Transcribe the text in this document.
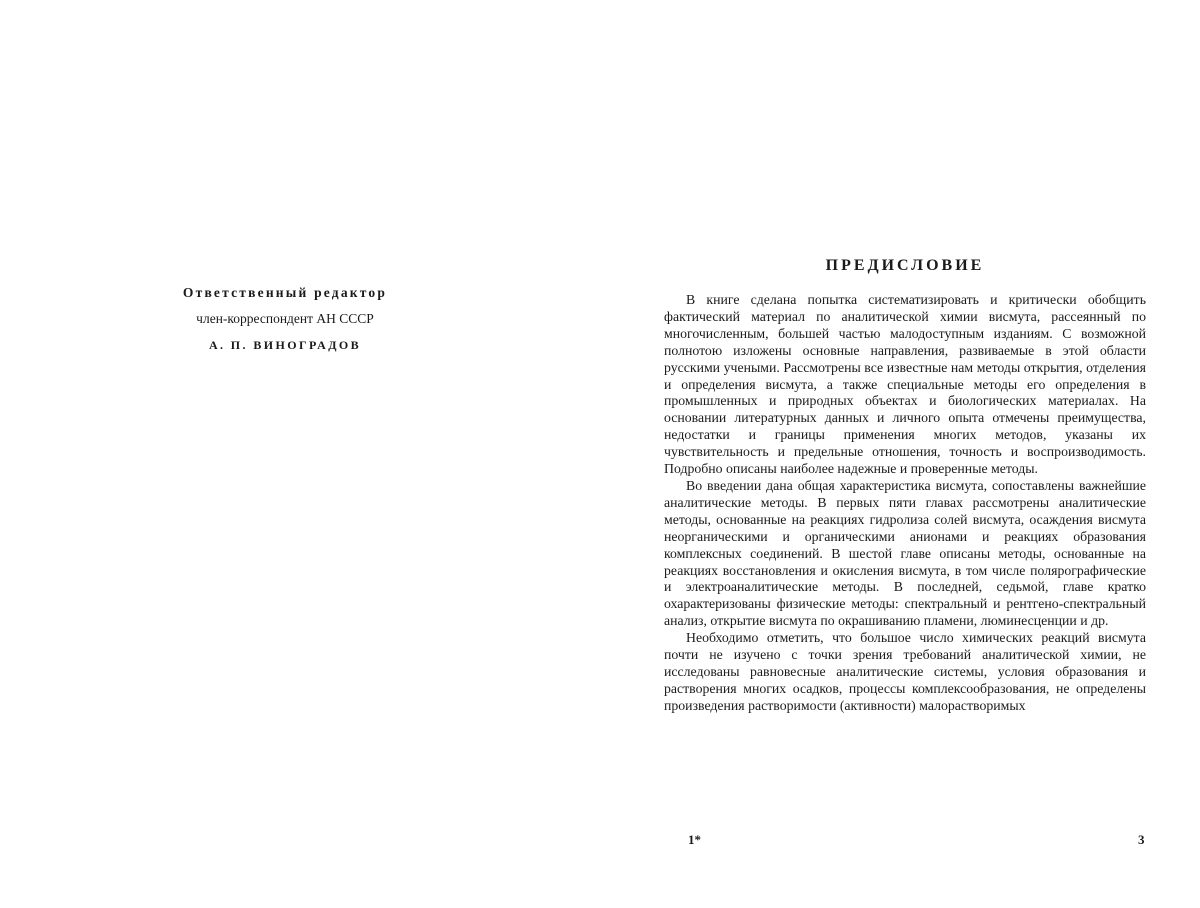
Ответственный редактор

член-корреспондент АН СССР

А. П. ВИНОГРАДОВ

ПРЕДИСЛОВИЕ

В книге сделана попытка систематизировать и критически обобщить фактический материал по аналитической химии висмута, рассеянный по многочисленным, большей частью малодоступным изданиям. С возможной полнотою изложены основные направления, развиваемые в этой области русскими учеными. Рассмотрены все известные нам методы открытия, отделения и определения висмута, а также специальные методы его определения в промышленных и природных объектах и биологических материалах. На основании литературных данных и личного опыта отмечены преимущества, недостатки и границы применения многих методов, указаны их чувствительность и предельные отношения, точность и воспроизводимость. Подробно описаны наиболее надежные и проверенные методы.

Во введении дана общая характеристика висмута, сопоставлены важнейшие аналитические методы. В первых пяти главах рассмотрены аналитические методы, основанные на реакциях гидролиза солей висмута, осаждения висмута неорганическими и органическими анионами и реакциях образования комплексных соединений. В шестой главе описаны методы, основанные на реакциях восстановления и окисления висмута, в том числе полярографические и электроаналитические методы. В последней, седьмой, главе кратко охарактеризованы физические методы: спектральный и рентгено-спектральный анализ, открытие висмута по окрашиванию пламени, люминесценции и др.

Необходимо отметить, что большое число химических реакций висмута почти не изучено с точки зрения требований аналитической химии, не исследованы равновесные аналитические системы, условия образования и растворения многих осадков, процессы комплексообразования, не определены произведения растворимости (активности) малорастворимых

1*	3
